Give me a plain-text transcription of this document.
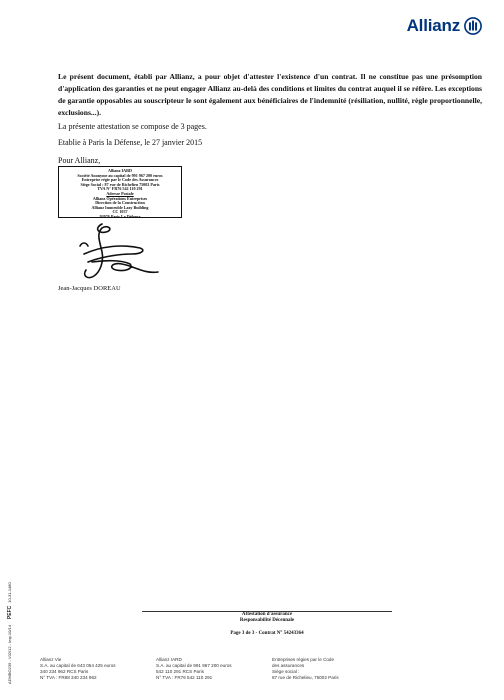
Allianz
Le présent document, établi par Allianz, a pour objet d'attester l'existence d'un contrat. Il ne constitue pas une présomption d'application des garanties et ne peut engager Allianz au-delà des conditions et limites du contrat auquel il se réfère. Les exceptions de garantie opposables au souscripteur le sont également aux bénéficiaires de l'indemnité (résiliation, nullité, règle proportionnelle, exclusions...).
La présente attestation se compose de 3 pages.
Etablie à Paris la Défense, le 27 janvier 2015
Pour Allianz,
Allianz IARD
Société Anonyme au capital de 991 967 200 euros
Entreprise régie par le Code des Assurances
Siège Social : 87 rue de Richelieu 75002 Paris
TVA N° FR76 542 110 291
Adresse Postale
Allianz Opérations Entreprises
Direction de la Construction
Allianz Immeuble Lazy Building
CC 1037
92076 Paris La Défense
Jean-Jacques DOREAU
ADMBO239 - V02/12 - Imp.10/14
PEFC
10-31-1480
Attestation d'assurance
Responsabilité Décennale
Page 3 de 3 - Contrat N° 54243364
Allianz Vie
S.A. au capital de 643 054 425 euros
340 234 962 RCS Paris
N° TVA : FR88 340 234 962
Allianz IARD
S.A. au capital de 991 967 200 euros
542 110 291 RCS Paris
N° TVA : FR76 542 110 291
Entreprises régies par le Code
des assurances
Siège social :
87 rue de Richelieu, 75002 Paris
